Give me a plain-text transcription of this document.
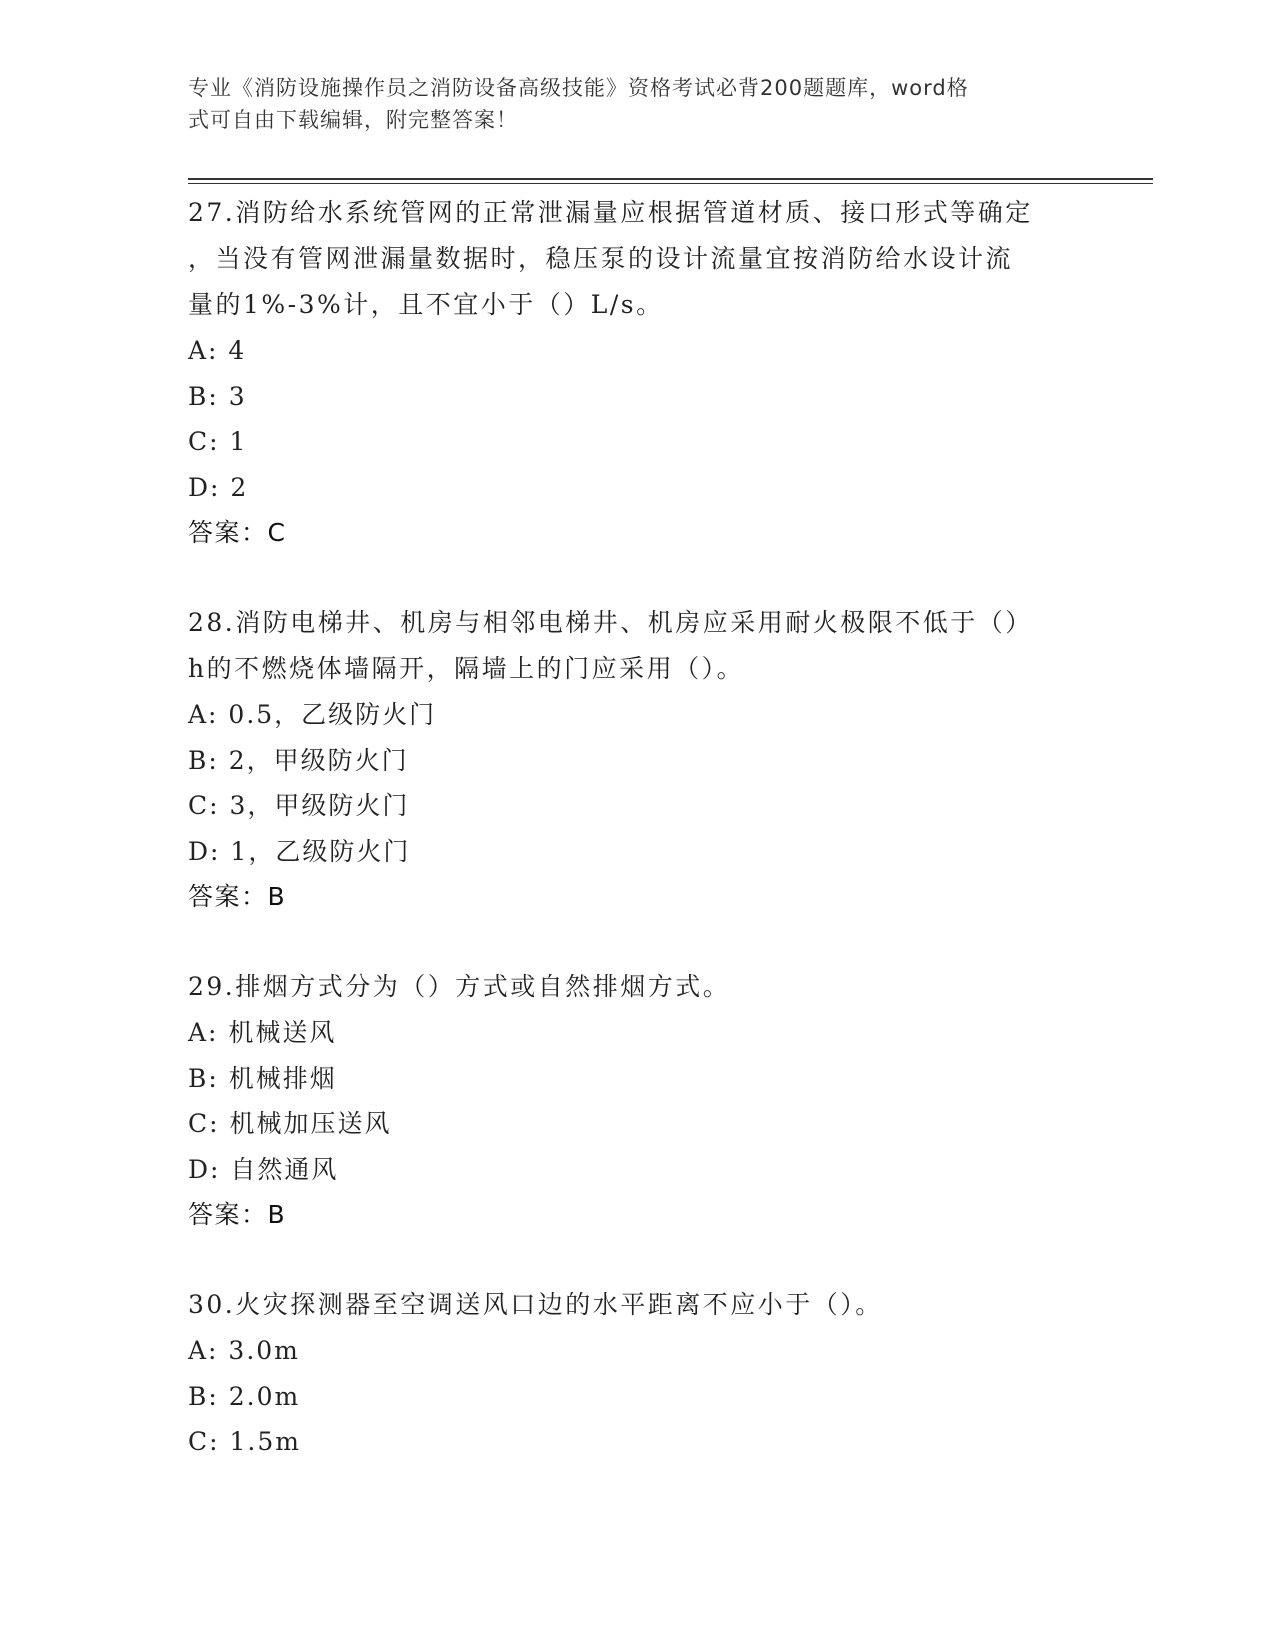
专业《消防设施操作员之消防设备高级技能》资格考试必背200题题库，word格
式可自由下载编辑，附完整答案！
27.消防给水系统管网的正常泄漏量应根据管道材质、接口形式等确定
，当没有管网泄漏量数据时，稳压泵的设计流量宜按消防给水设计流
量的1%-3%计，且不宜小于（）L/s。
A: 4
B: 3
C: 1
D: 2
答案：C
28.消防电梯井、机房与相邻电梯井、机房应采用耐火极限不低于（）
h的不燃烧体墙隔开，隔墙上的门应采用（）。
A: 0.5，乙级防火门
B: 2，甲级防火门
C: 3，甲级防火门
D: 1，乙级防火门
答案：B
29.排烟方式分为（）方式或自然排烟方式。
A: 机械送风
B: 机械排烟
C: 机械加压送风
D: 自然通风
答案：B
30.火灾探测器至空调送风口边的水平距离不应小于（）。
A: 3.0m
B: 2.0m
C: 1.5m
